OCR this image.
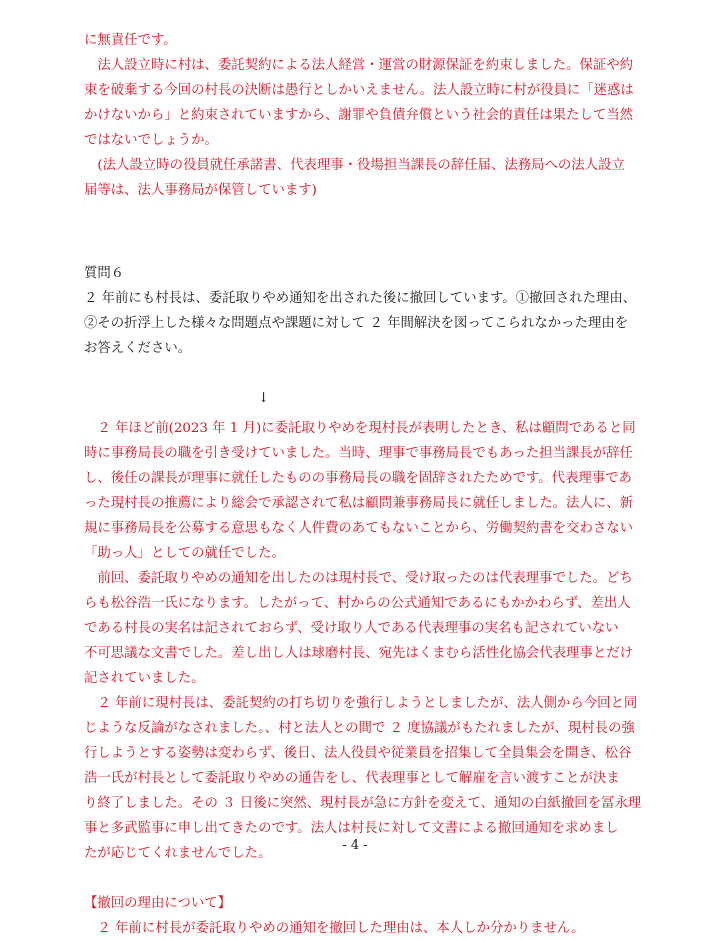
に無責任です。
　法人設立時に村は、委託契約による法人経営・運営の財源保証を約束しました。保証や約
束を破棄する今回の村長の決断は愚行としかいえません。法人設立時に村が役員に「迷惑は
かけないから」と約束されていますから、謝罪や負債弁償という社会的責任は果たして当然
ではないでしょうか。
　(法人設立時の役員就任承諾書、代表理事・役場担当課長の辞任届、法務局への法人設立
届等は、法人事務局が保管しています)
質問６
２ 年前にも村長は、委託取りやめ通知を出された後に撤回しています。①撤回された理由、
②その折浮上した様々な問題点や課題に対して ２ 年間解決を図ってこられなかった理由を
お答えください。
↓
　２ 年ほど前(2023 年 1 月)に委託取りやめを現村長が表明したとき、私は顧問であると同
時に事務局長の職を引き受けていました。当時、理事で事務局長でもあった担当課長が辞任
し、後任の課長が理事に就任したものの事務局長の職を固辞されたためです。代表理事であ
った現村長の推薦により総会で承認されて私は顧問兼事務局長に就任しました。法人に、新
規に事務局長を公募する意思もなく人件費のあてもないことから、労働契約書を交わさない
「助っ人」としての就任でした。
　前回、委託取りやめの通知を出したのは現村長で、受け取ったのは代表理事でした。どち
らも松谷浩一氏になります。したがって、村からの公式通知であるにもかかわらず、差出人
である村長の実名は記されておらず、受け取り人である代表理事の実名も記されていない
不可思議な文書でした。差し出し人は球磨村長、宛先はくまむら活性化協会代表理事とだけ
記されていました。
　２ 年前に現村長は、委託契約の打ち切りを強行しようとしましたが、法人側から今回と同
じような反論がなされました。、村と法人との間で ２ 度協議がもたれましたが、現村長の強
行しようとする姿勢は変わらず、後日、法人役員や従業員を招集して全員集会を開き、松谷
浩一氏が村長として委託取りやめの通告をし、代表理事として解雇を言い渡すことが決ま
り終了しました。その ３ 日後に突然、現村長が急に方針を変えて、通知の白紙撤回を冨永理
事と多武監事に申し出てきたのです。法人は村長に対して文書による撤回通知を求めまし
たが応じてくれませんでした。
【撤回の理由について】
　２ 年前に村長が委託取りやめの通知を撤回した理由は、本人しか分かりません。
- 4 -
